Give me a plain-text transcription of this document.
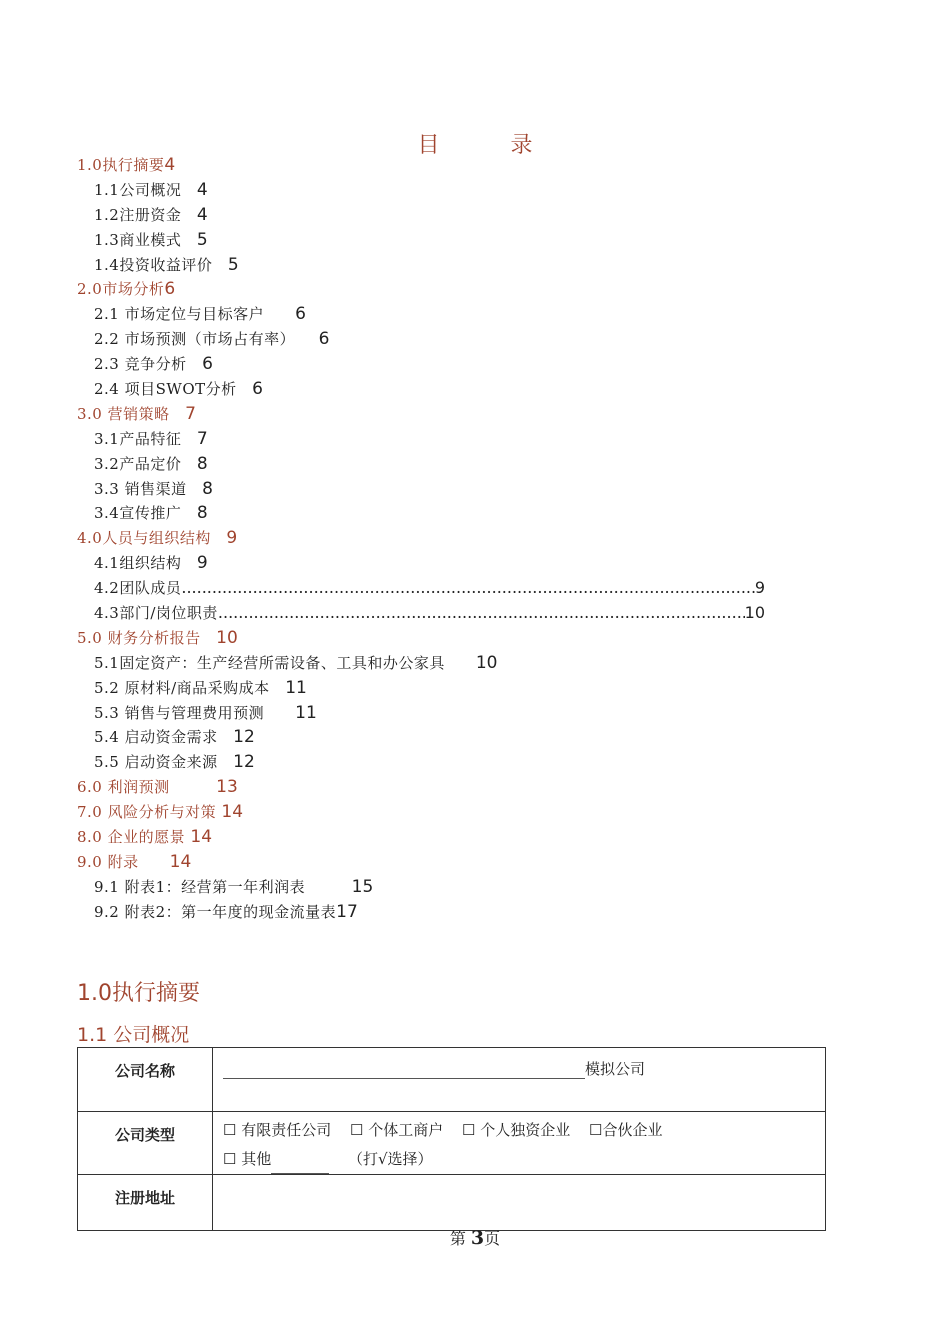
目 录
1.0执行摘要4
1.1公司概况　4
1.2注册资金　4
1.3商业模式　5
1.4投资收益评价　5
2.0市场分析6
2.1 市场定位与目标客户　　6
2.2 市场预测（市场占有率）　　6
2.3 竞争分析　6
2.4 项目SWOT分析　6
3.0 营销策略　7
3.1产品特征　7
3.2产品定价　8
3.3 销售渠道　8
3.4宣传推广　8
4.0人员与组织结构　9
4.1组织结构　9
4.2团队成员 .....	9
4.3部门/岗位职责 .....	10
5.0 财务分析报告　10
5.1固定资产：生产经营所需设备、工具和办公家具　　10
5.2 原材料/商品采购成本　11
5.3 销售与管理费用预测　　11
5.4 启动资金需求　12
5.5 启动资金来源　12
6.0 利润预测　　　13
7.0 风险分析与对策 14
8.0 企业的愿景 14
9.0 附录　　14
9.1 附表1：经营第一年利润表　　　15
9.2 附表2：第一年度的现金流量表17
1.0执行摘要
1.1 公司概况
公司名称	模拟公司
公司类型	☐ 有限责任公司 ☐ 个体工商户 ☐ 个人独资企业 ☐合伙企业
☐ 其他 （打√选择）

注册地址	
第 3页
